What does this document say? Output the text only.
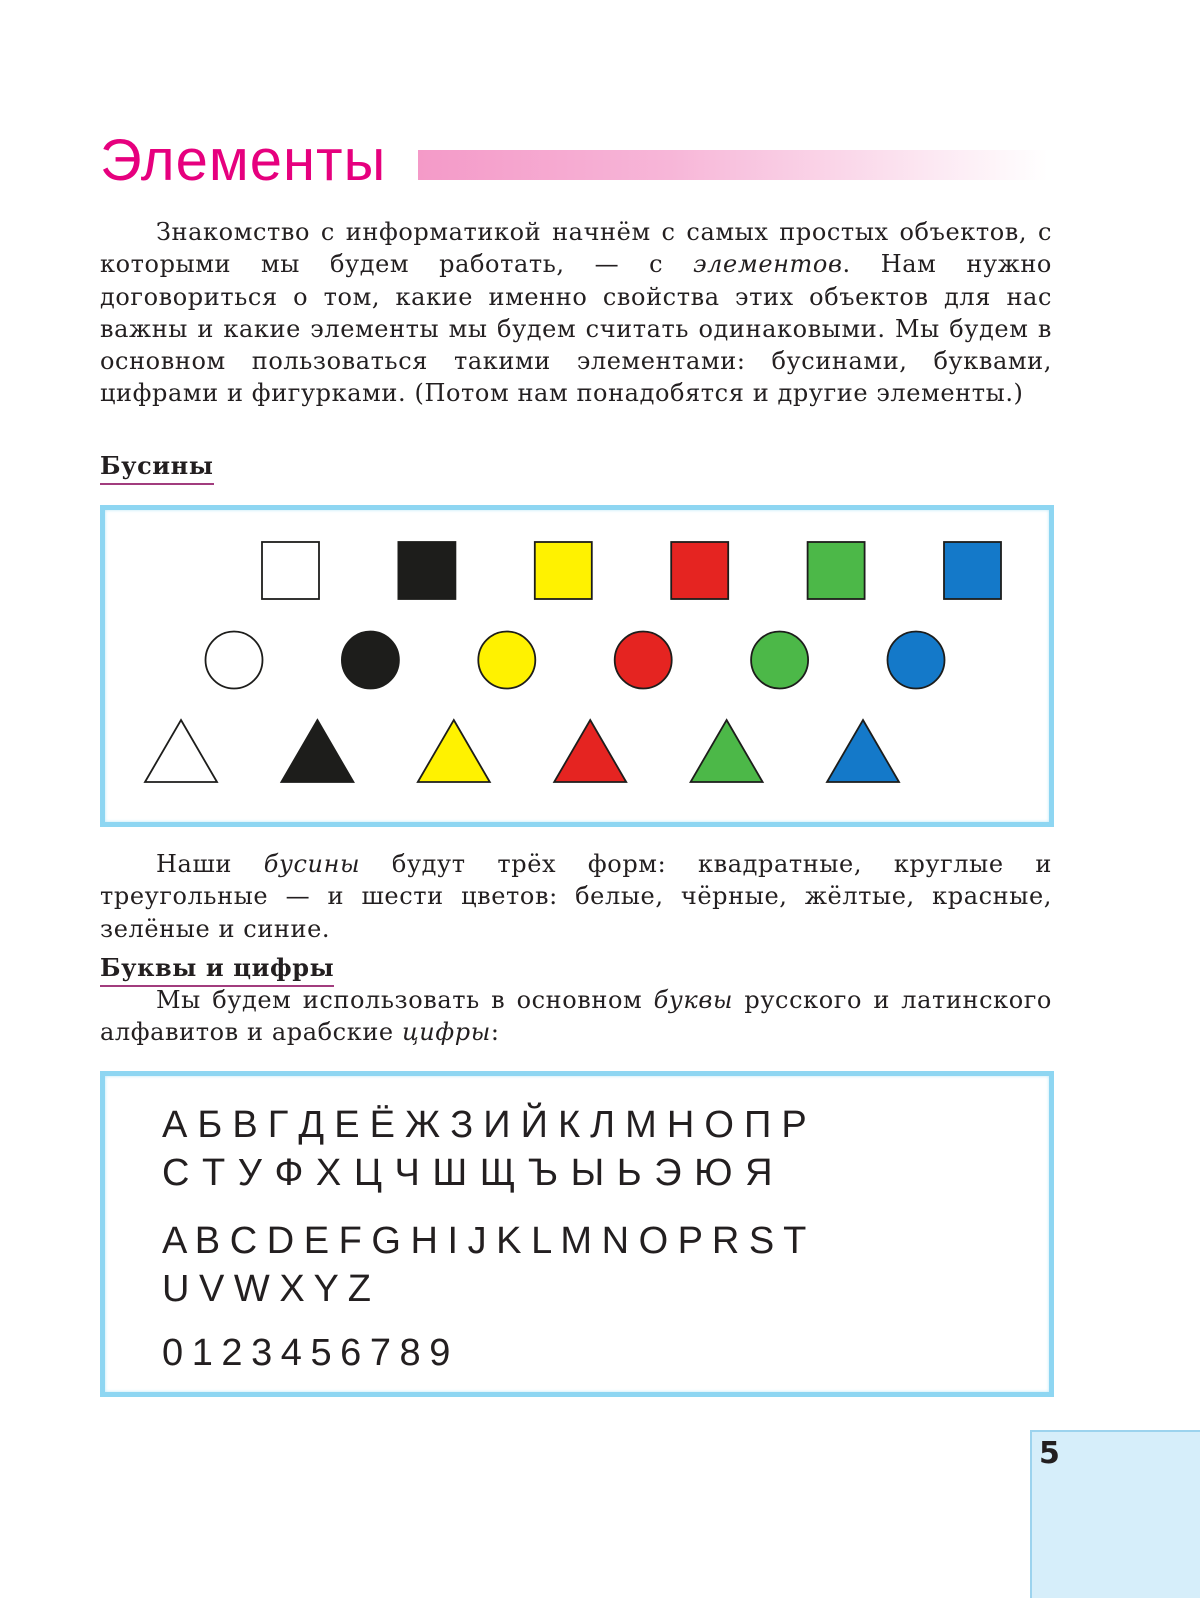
Элементы

Знакомство с информатикой начнём с самых простых объектов, с которыми мы будем работать, — с элементов. Нам нужно договориться о том, какие именно свойства этих объектов для нас важны и какие элементы мы будем считать одинаковыми. Мы будем в основном пользоваться такими элементами: бусинами, буквами, цифрами и фигурками. (Потом нам понадобятся и другие элементы.)

Бусины

Наши бусины будут трёх форм: квадратные, круглые и треугольные — и шести цветов: белые, чёрные, жёлтые, красные, зелёные и синие.

Буквы и цифры

Мы будем использовать в основном буквы русского и латинского алфавитов и арабские цифры:

А Б В Г Д Е Ё Ж З И Й К Л М Н О П Р

С Т У Ф Х Ц Ч Ш Щ Ъ Ы Ь Э Ю Я

A B C D E F G H I J K L M N O P R S T

U V W X Y Z

0 1 2 3 4 5 6 7 8 9

5
